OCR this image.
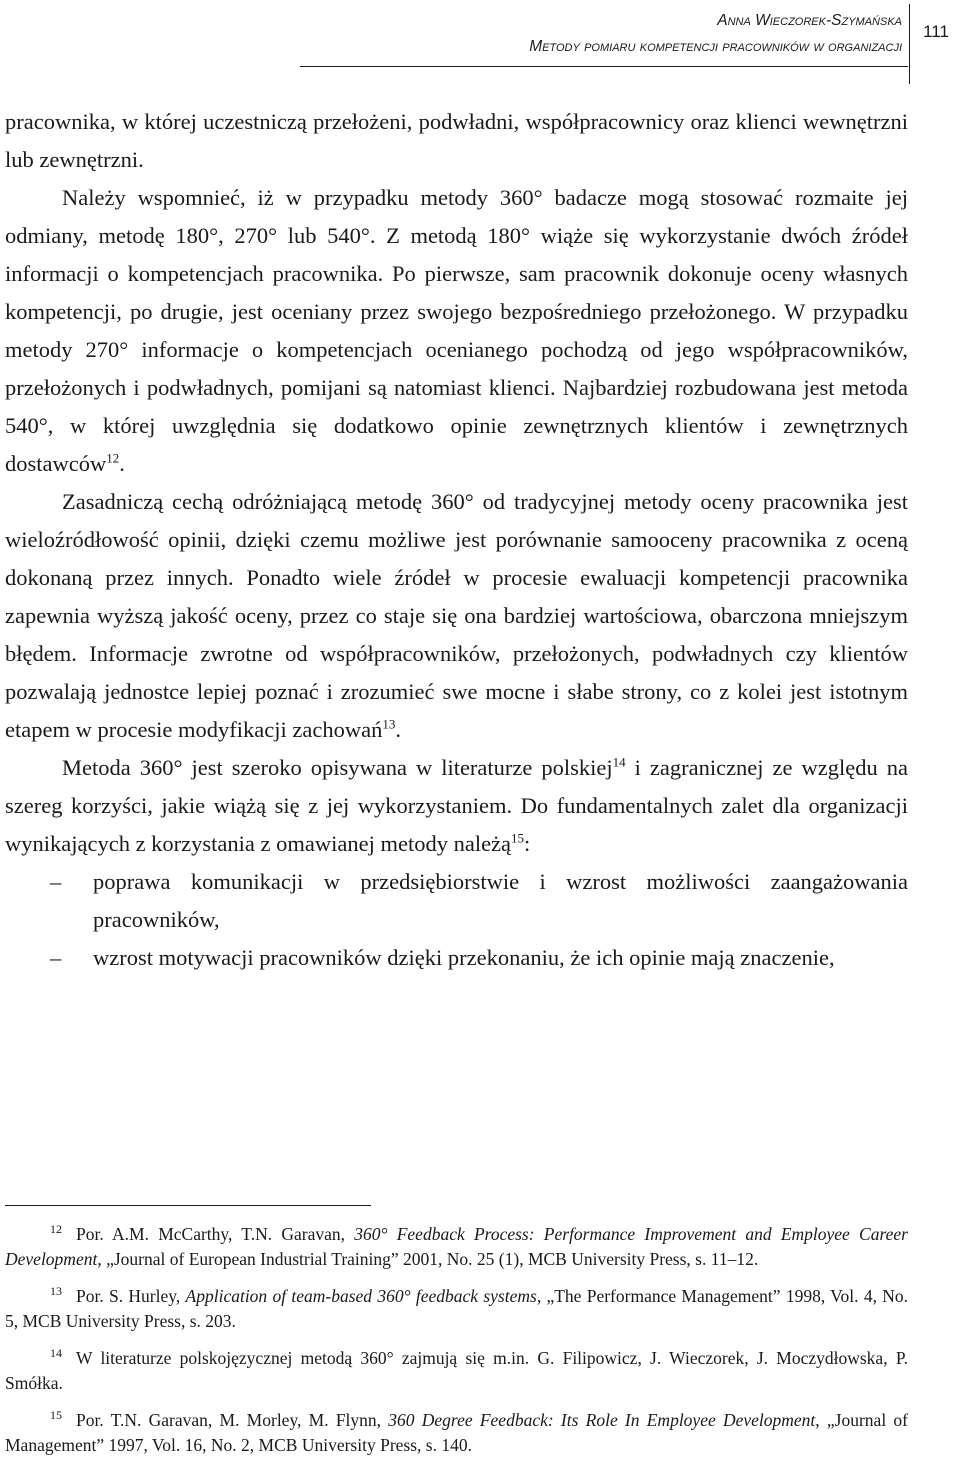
Anna Wieczorek-Szymańska
Metody pomiaru kompetencji pracowników w organizacji
111

pracownika, w której uczestniczą przełożeni, podwładni, współpracownicy oraz klienci wewnętrzni lub zewnętrzni.

Należy wspomnieć, iż w przypadku metody 360° badacze mogą stosować rozmaite jej odmiany, metodę 180°, 270° lub 540°. Z metodą 180° wiąże się wykorzystanie dwóch źródeł informacji o kompetencjach pracownika. Po pierwsze, sam pracownik dokonuje oceny własnych kompetencji, po drugie, jest oceniany przez swojego bezpośredniego przełożonego. W przypadku metody 270° informacje o kompetencjach ocenianego pochodzą od jego współpracowników, przełożonych i podwładnych, pomijani są natomiast klienci. Najbardziej rozbudowana jest metoda 540°, w której uwzględnia się dodatkowo opinie zewnętrznych klientów i zewnętrznych dostawców$^{12}$.

Zasadniczą cechą odróżniającą metodę 360° od tradycyjnej metody oceny pracownika jest wieloźródłowość opinii, dzięki czemu możliwe jest porównanie samooceny pracownika z oceną dokonaną przez innych. Ponadto wiele źródeł w procesie ewaluacji kompetencji pracownika zapewnia wyższą jakość oceny, przez co staje się ona bardziej wartościowa, obarczona mniejszym błędem. Informacje zwrotne od współpracowników, przełożonych, podwładnych czy klientów pozwalają jednostce lepiej poznać i zrozumieć swe mocne i słabe strony, co z kolei jest istotnym etapem w procesie modyfikacji zachowań$^{13}$.

Metoda 360° jest szeroko opisywana w literaturze polskiej$^{14}$ i zagranicznej ze względu na szereg korzyści, jakie wiążą się z jej wykorzystaniem. Do fundamentalnych zalet dla organizacji wynikających z korzystania z omawianej metody należą$^{15}$:

– poprawa komunikacji w przedsiębiorstwie i wzrost możliwości zaangażowania pracowników,
– wzrost motywacji pracowników dzięki przekonaniu, że ich opinie mają znaczenie,

$^{12}$ Por. A.M. McCarthy, T.N. Garavan, 360° Feedback Process: Performance Improvement and Employee Career Development, „Journal of European Industrial Training” 2001, No. 25 (1), MCB University Press, s. 11–12.

$^{13}$ Por. S. Hurley, Application of team-based 360° feedback systems, „The Performance Management” 1998, Vol. 4, No. 5, MCB University Press, s. 203.

$^{14}$ W literaturze polskojęzycznej metodą 360° zajmują się m.in. G. Filipowicz, J. Wieczorek, J. Moczydłowska, P. Smółka.

$^{15}$ Por. T.N. Garavan, M. Morley, M. Flynn, 360 Degree Feedback: Its Role In Employee Development, „Journal of Management” 1997, Vol. 16, No. 2, MCB University Press, s. 140.
